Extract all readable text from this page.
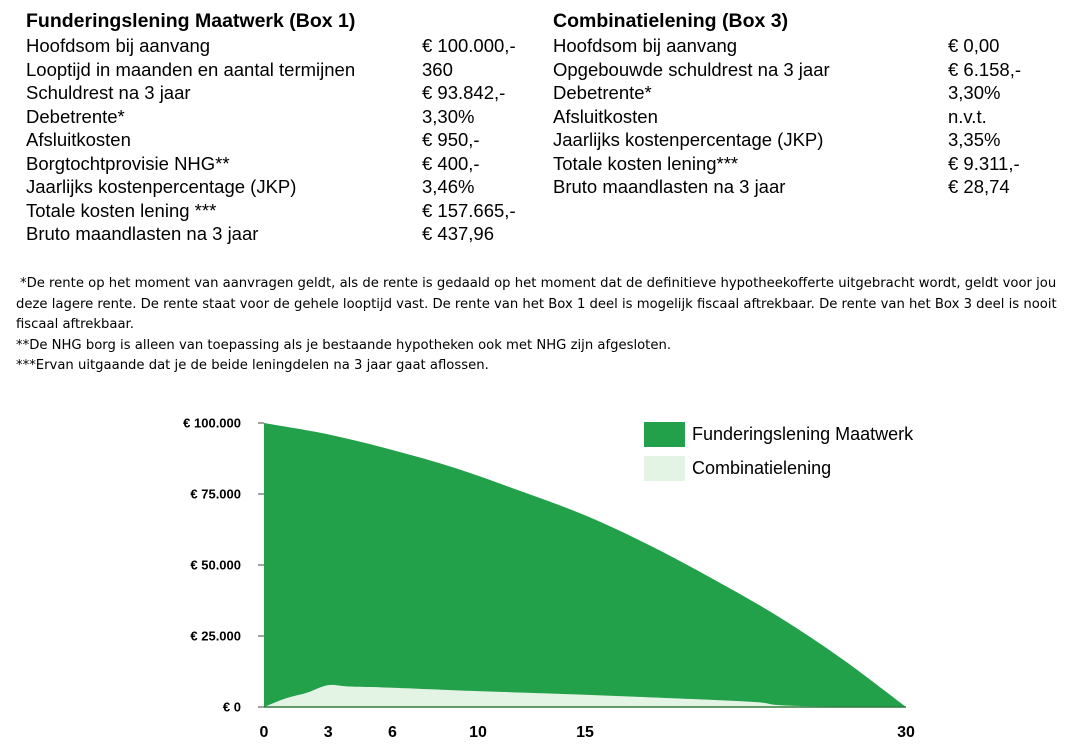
Funderingslening Maatwerk (Box 1)
Hoofdsom bij aanvang	€ 100.000,-
Looptijd in maanden en aantal termijnen	360
Schuldrest na 3 jaar	€ 93.842,-
Debetrente*	3,30%
Afsluitkosten	€ 950,-
Borgtochtprovisie NHG**	€ 400,-
Jaarlijks kostenpercentage (JKP)	3,46%
Totale kosten lening ***	€ 157.665,-
Bruto maandlasten na 3 jaar	€ 437,96
Combinatielening (Box 3)
Hoofdsom bij aanvang	€ 0,00
Opgebouwde schuldrest na 3 jaar	€ 6.158,-
Debetrente*	3,30%
Afsluitkosten	n.v.t.
Jaarlijks kostenpercentage (JKP)	3,35%
Totale kosten lening***	€ 9.311,-
Bruto maandlasten na 3 jaar	€ 28,74

*De rente op het moment van aanvragen geldt, als de rente is gedaald op het moment dat de definitieve hypotheekofferte uitgebracht wordt, geldt voor jou deze lagere rente. De rente staat voor de gehele looptijd vast. De rente van het Box 1 deel is mogelijk fiscaal aftrekbaar. De rente van het Box 3 deel is nooit fiscaal aftrekbaar.

**De NHG borg is alleen van toepassing als je bestaande hypotheken ook met NHG zijn afgesloten.

***Ervan uitgaande dat je de beide leningdelen na 3 jaar gaat aflossen.

€ 0
€ 25.000
€ 50.000
€ 75.000
€ 100.000
0	3	6	10	15	30
Funderingslening Maatwerk
Combinatielening
